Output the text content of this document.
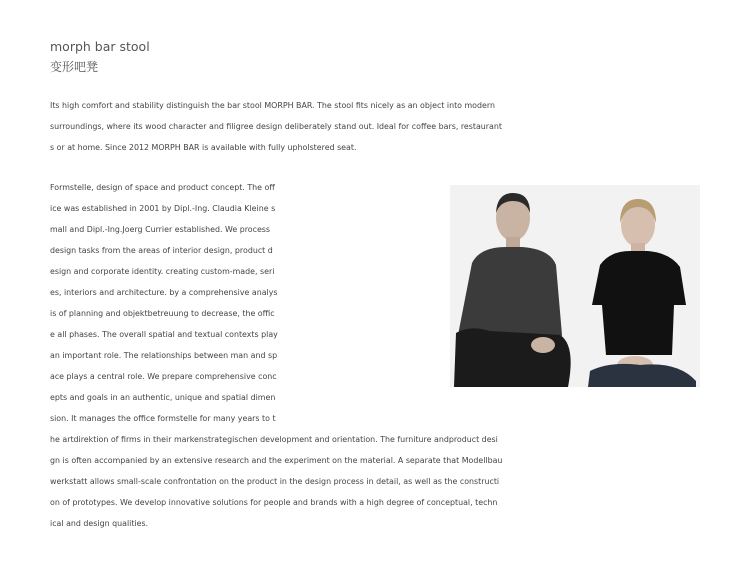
morph bar stool
变形吧凳
Its high comfort and stability distinguish the bar stool MORPH BAR. The stool fits nicely as an object into modern
surroundings, where its wood character and filigree design deliberately stand out. Ideal for coffee bars, restaurant
s or at home. Since 2012 MORPH BAR is available with fully upholstered seat.
Formstelle, design of space and product concept. The off
ice was established in 2001 by Dipl.-Ing. Claudia Kleine s
mall and Dipl.-Ing.Joerg Currier established. We process
design tasks from the areas of interior design, product d
esign and corporate identity. creating custom-made, seri
es, interiors and architecture. by a comprehensive analys
is of planning and objektbetreuung to decrease, the offic
e all phases. The overall spatial and textual contexts play
an important role. The relationships between man and sp
ace plays a central role. We prepare comprehensive conc
epts and goals in an authentic, unique and spatial dimen
sion. It manages the office formstelle for many years to t
he artdirektion of firms in their markenstrategischen development and orientation. The furniture andproduct desi
gn is often accompanied by an extensive research and the experiment on the material. A separate that Modellbau
werkstatt allows small-scale confrontation on the product in the design process in detail, as well as the constructi
on of prototypes. We develop innovative solutions for people and brands with a high degree of conceptual, techn
ical and design qualities.
